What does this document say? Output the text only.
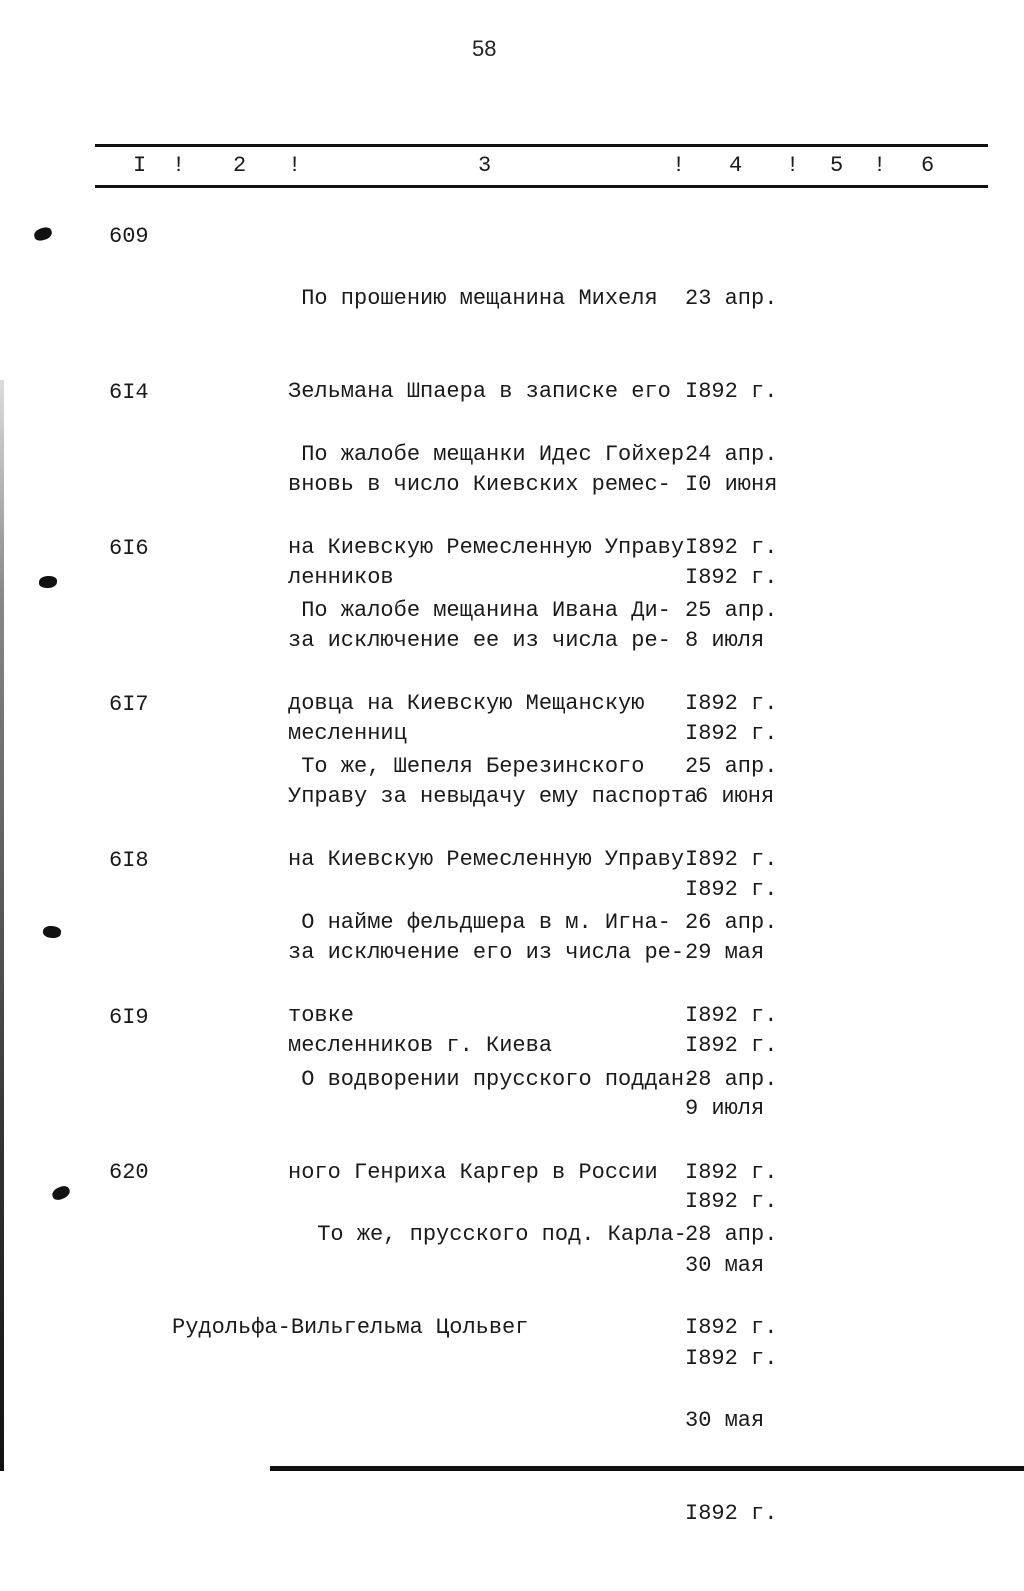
58
I ! 2 !	3	! 4 ! 5 ! 6
609

По прошению мещанина Михеля

Зельмана Шпаера в записке его

вновь в число Киевских ремес-

ленников

23 апр.

I892 г.

I0 июня

I892 г.

6I4

По жалобе мещанки Идес Гойхер

на Киевскую Ремесленную Управу

за исключение ее из числа ре-

месленниц

24 апр.

I892 г.

8 июля

I892 г.

6I6

По жалобе мещанина Ивана Ди-

довца на Киевскую Мещанскую

Управу за невыдачу ему паспорта

25 апр.

I892 г.

6 июня

I892 г.

6I7

То же, Шепеля Березинского

на Киевскую Ремесленную Управу

за исключение его из числа ре-

месленников г. Киева

25 апр.

I892 г.

29 мая

I892 г.

6I8

О найме фельдшера в м. Игна-

товке

26 апр.

I892 г.

9 июля

I892 г.

6I9

О водворении прусского поддан-

ного Генриха Каргер в России

28 апр.

I892 г.

30 мая

I892 г.

620

То же, прусского под. Карла-

Рудольфа-Вильгельма Цольвег

28 апр.

I892 г.

30 мая

I892 г.
